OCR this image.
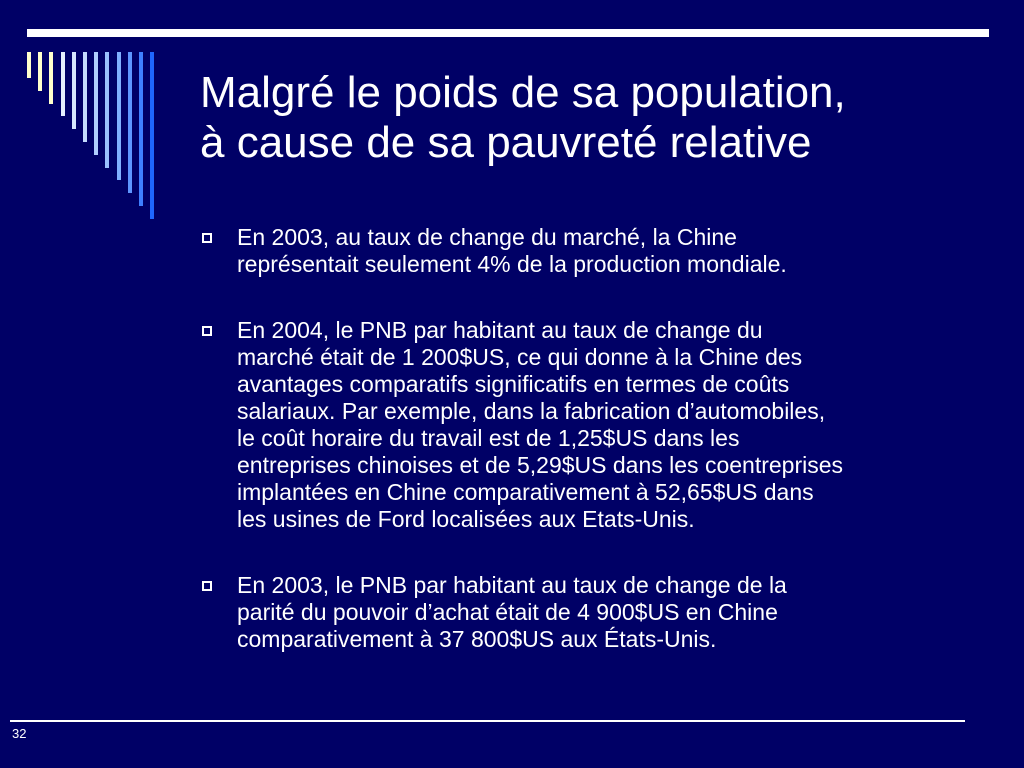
Malgré le poids de sa population,
à cause de sa pauvreté relative
En 2003, au taux de change du marché, la Chine
représentait seulement 4% de la production mondiale.
En 2004, le PNB par habitant au taux de change du
marché était de 1 200$US, ce qui donne à la Chine des
avantages comparatifs significatifs en termes de coûts
salariaux. Par exemple, dans la fabrication d’automobiles,
le coût horaire du travail est de 1,25$US dans les
entreprises chinoises et de 5,29$US dans les coentreprises
implantées en Chine comparativement à 52,65$US dans
les usines de Ford localisées aux Etats-Unis.
En 2003, le PNB par habitant au taux de change de la
parité du pouvoir d’achat était de 4 900$US en Chine
comparativement à 37 800$US aux États-Unis.
32
